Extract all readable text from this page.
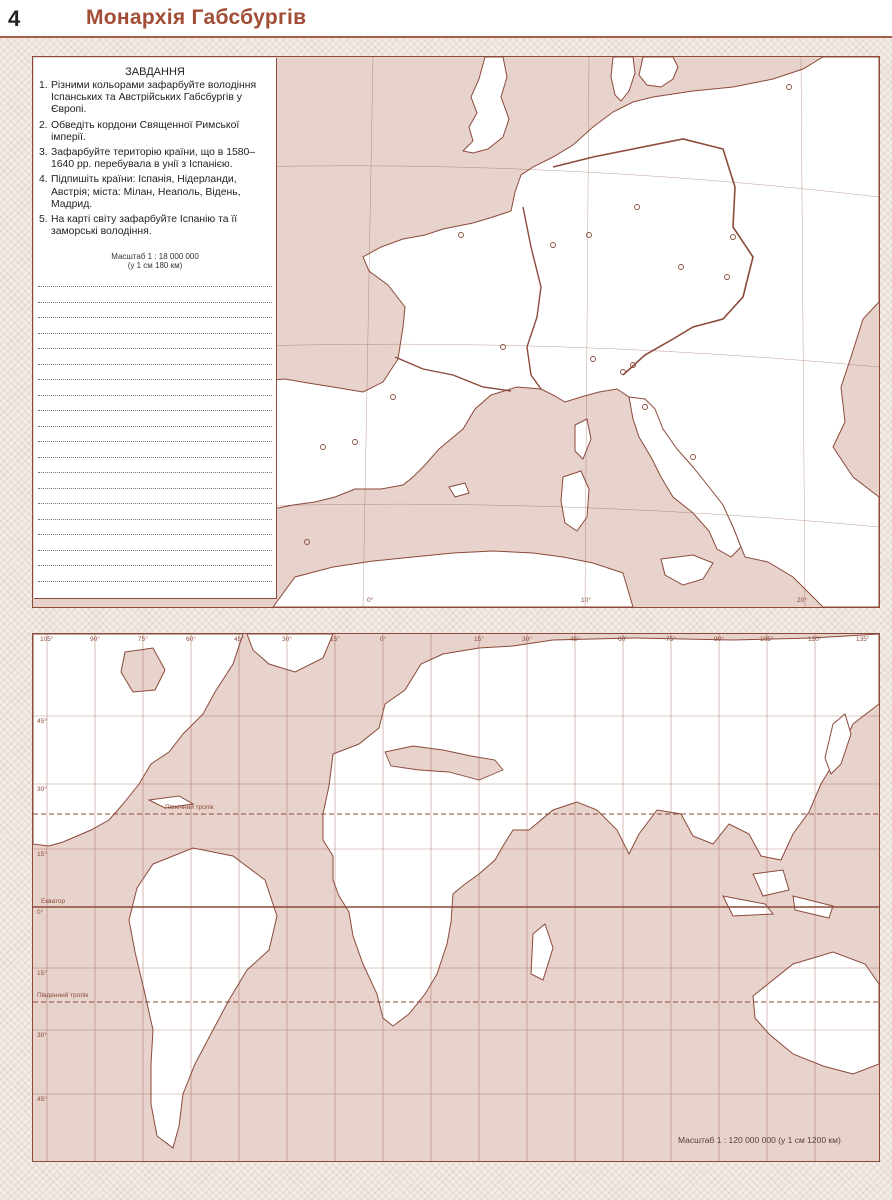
4	Монархія Габсбургів
ЗАВДАННЯ
1. Різними кольорами зафарбуйте володіння Іспанських та Австрійських Габсбургів у Європі.
2. Обведіть кордони Священної Римської імперії.
3. Зафарбуйте територію країни, що в 1580–1640 рр. перебувала в унії з Іспанією.
4. Підпишіть країни: Іспанія, Нідерланди, Австрія; міста: Мілан, Неаполь, Відень, Мадрид.
5. На карті світу зафарбуйте Іспанію та її заморські володіння.
Масштаб 1 : 18 000 000
(у 1 см 180 км)
0°	10°	20°
45°
30°
15°
0°
15°
30°
45°
105°	90°	75°	60°	45°	30°	15°	0°	15°	30°	45°	60°	75°	90°	105°	120°	135°
Північний тропік
Екватор
Південний тропік
Масштаб 1 : 120 000 000 (у 1 см 1200 км)
